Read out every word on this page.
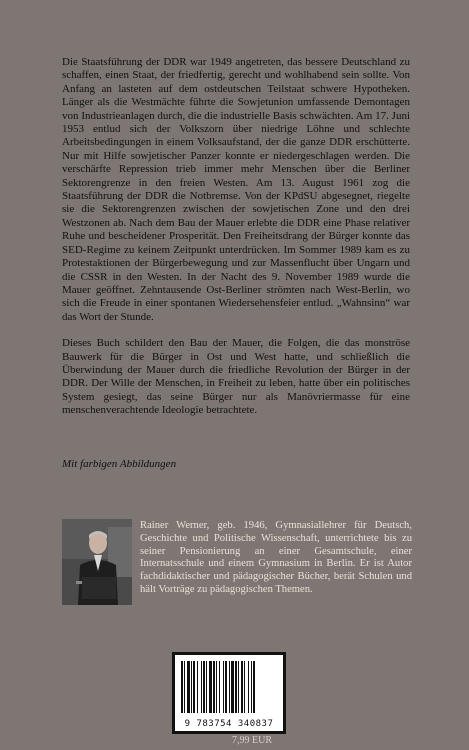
Die Staatsführung der DDR war 1949 angetreten, das bessere Deutschland zu schaffen, einen Staat, der friedfertig, gerecht und wohlhabend sein sollte. Von Anfang an lasteten auf dem ostdeutschen Teilstaat schwere Hypotheken. Länger als die Westmächte führte die Sowjetunion umfassende Demontagen von Industrieanlagen durch, die die industrielle Basis schwächten. Am 17. Juni 1953 entlud sich der Volkszorn über niedrige Löhne und schlechte Arbeitsbedingungen in einem Volksaufstand, der die ganze DDR erschütterte. Nur mit Hilfe sowjetischer Panzer konnte er niedergeschlagen werden. Die verschärfte Repression trieb immer mehr Menschen über die Berliner Sektorengrenze in den freien Westen. Am 13. August 1961 zog die Staatsführung der DDR die Notbremse. Von der KPdSU abgesegnet, riegelte sie die Sektorengrenzen zwischen der sowjetischen Zone und den drei Westzonen ab. Nach dem Bau der Mauer erlebte die DDR eine Phase relativer Ruhe und bescheidener Prosperität. Den Freiheitsdrang der Bürger konnte das SED-Regime zu keinem Zeitpunkt unterdrücken. Im Sommer 1989 kam es zu Protestaktionen der Bürgerbewegung und zur Massenflucht über Ungarn und die CSSR in den Westen. In der Nacht des 9. November 1989 wurde die Mauer geöffnet. Zehntausende Ost-Berliner strömten nach West-Berlin, wo sich die Freude in einer spontanen Wiedersehensfeier entlud. „Wahnsinn“ war das Wort der Stunde.

Dieses Buch schildert den Bau der Mauer, die Folgen, die das monströse Bauwerk für die Bürger in Ost und West hatte, und schließlich die Überwindung der Mauer durch die friedliche Revolution der Bürger in der DDR. Der Wille der Menschen, in Freiheit zu leben, hatte über ein politisches System gesiegt, das seine Bürger nur als Manövriermasse für eine menschenverachtende Ideologie betrachtete.

Mit farbigen Abbildungen
Rainer Werner, geb. 1946, Gymnasiallehrer für Deutsch, Geschichte und Politische Wissenschaft, unterrichtete bis zu seiner Pensionierung an einer Gesamtschule, einer Internatsschule und einem Gymnasium in Berlin. Er ist Autor fachdidaktischer und pädagogischer Bücher, berät Schulen und hält Vorträge zu pädagogischen Themen.
9 783754 340837
7,99 EUR
